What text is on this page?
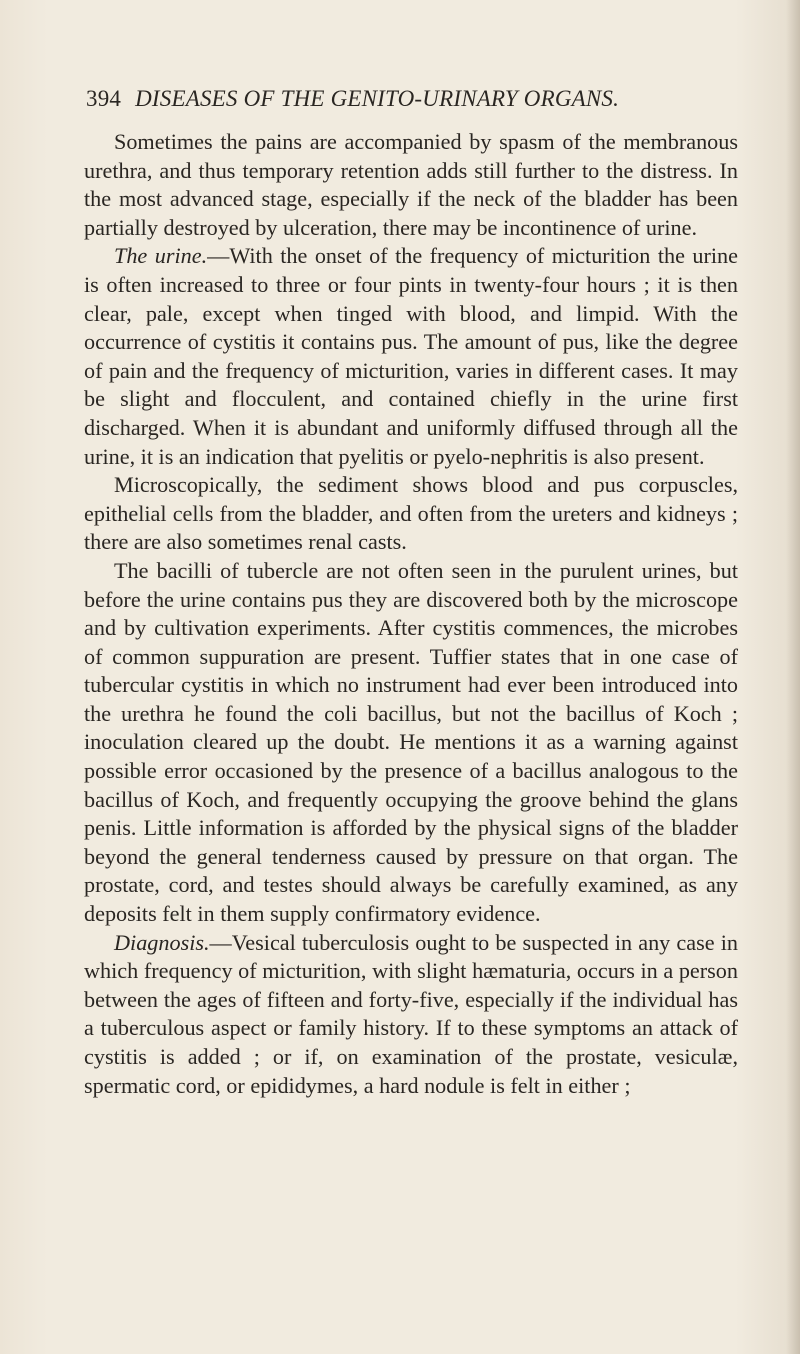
394 DISEASES OF THE GENITO-URINARY ORGANS.

Sometimes the pains are accompanied by spasm of the membranous urethra, and thus temporary retention adds still further to the distress. In the most advanced stage, especially if the neck of the bladder has been partially destroyed by ulceration, there may be incontinence of urine.

The urine.—With the onset of the frequency of micturition the urine is often increased to three or four pints in twenty-four hours ; it is then clear, pale, except when tinged with blood, and limpid. With the occurrence of cystitis it contains pus. The amount of pus, like the degree of pain and the frequency of micturition, varies in different cases. It may be slight and flocculent, and contained chiefly in the urine first discharged. When it is abundant and uniformly diffused through all the urine, it is an indication that pyelitis or pyelo-nephritis is also present.

Microscopically, the sediment shows blood and pus corpuscles, epithelial cells from the bladder, and often from the ureters and kidneys ; there are also sometimes renal casts.

The bacilli of tubercle are not often seen in the purulent urines, but before the urine contains pus they are discovered both by the microscope and by cultivation experiments. After cystitis commences, the microbes of common suppuration are present. Tuffier states that in one case of tubercular cystitis in which no instrument had ever been introduced into the urethra he found the coli bacillus, but not the bacillus of Koch ; inoculation cleared up the doubt. He mentions it as a warning against possible error occasioned by the presence of a bacillus analogous to the bacillus of Koch, and frequently occupying the groove behind the glans penis. Little information is afforded by the physical signs of the bladder beyond the general tenderness caused by pressure on that organ. The prostate, cord, and testes should always be carefully examined, as any deposits felt in them supply confirmatory evidence.

Diagnosis.—Vesical tuberculosis ought to be suspected in any case in which frequency of micturition, with slight hæmaturia, occurs in a person between the ages of fifteen and forty-five, especially if the individual has a tuberculous aspect or family history. If to these symptoms an attack of cystitis is added ; or if, on examination of the prostate, vesiculæ, spermatic cord, or epididymes, a hard nodule is felt in either ;
